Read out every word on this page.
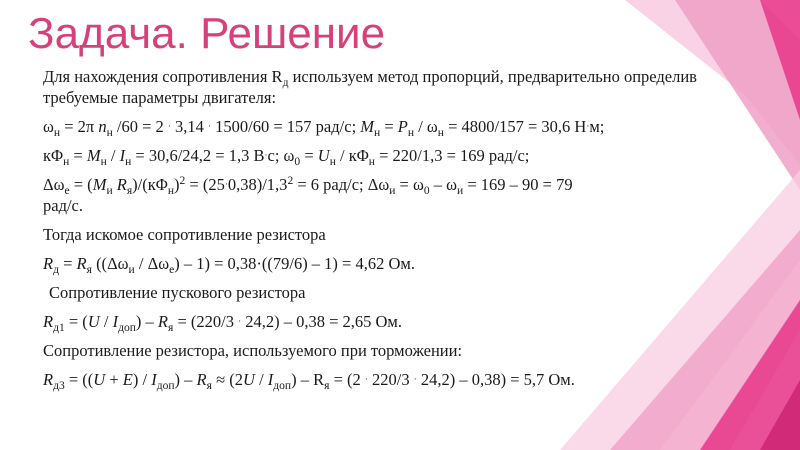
Задача. Решение

Для нахождения сопротивления $R_д$ используем метод пропорций, предварительно определив требуемые параметры двигателя:

$\omega_н = 2\pi$ $n_н$ /60 = 2 · 3,14 · 1500/60 = 157 рад/с; $M_н = P_н / \omega_н = 4800/157 = 30,6$ Н·м;

$к\Phi_н = M_н / I_н = 30,6/24,2 = 1,3$ В·с; $\omega_0 = U_н / к\Phi_н = 220/1,3 = 169$ рад/с;

$\Delta\omega_e = (M_и$ $R_я)/(к\Phi_н)^2 = (25\cdot 0,38)/1,3^2 = 6$ рад/с; $\Delta\omega_и = \omega_0 - \omega_и = 169 - 90 = 79$
рад/с.

Тогда искомое сопротивление резистора

$R_д = R_я$ $((\Delta\omega_и / \Delta\omega_e) - 1) = 0,38\cdot((79/6) - 1) = 4,62$ Ом.

Сопротивление пускового резистора

$R_{д1} = (U / I_{доп}) - R_я = (220/3 \cdot 24,2) - 0,38 = 2,65$ Ом.

Сопротивление резистора, используемого при торможении:

$R_{д3} = ((U + E) / I_{доп}) - R_я \approx (2U / I_{доп}) - R_я = (2 \cdot 220/3 \cdot 24,2) - 0,38) = 5,7$ Ом.
